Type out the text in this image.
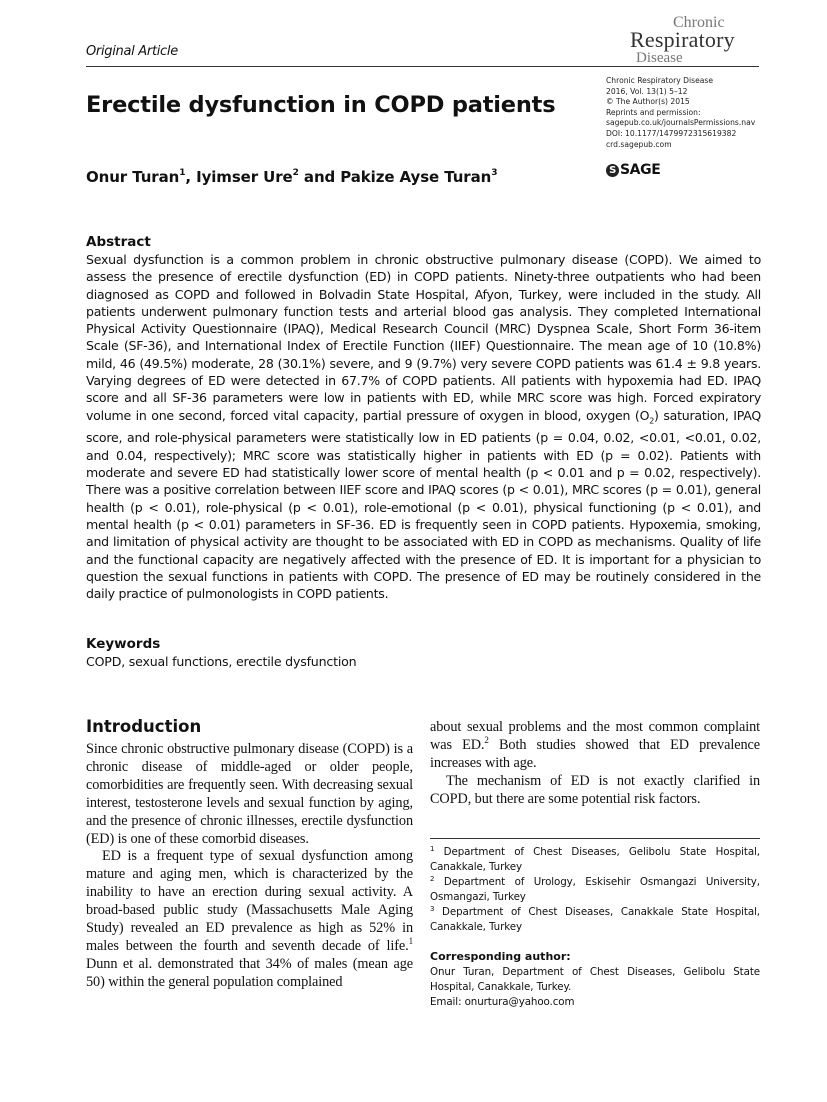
Original Article
Chronic
Respiratory
Disease
Erectile dysfunction in COPD patients
Onur Turan$^1$, Iyimser Ure$^2$ and Pakize Ayse Turan$^3$
Chronic Respiratory Disease
2016, Vol. 13(1) 5–12
© The Author(s) 2015
Reprints and permission:
sagepub.co.uk/journalsPermissions.nav
DOI: 10.1177/1479972315619382
crd.sagepub.com
S SAGE
Abstract
Sexual dysfunction is a common problem in chronic obstructive pulmonary disease (COPD). We aimed to assess the presence of erectile dysfunction (ED) in COPD patients. Ninety-three outpatients who had been diagnosed as COPD and followed in Bolvadin State Hospital, Afyon, Turkey, were included in the study. All patients underwent pulmonary function tests and arterial blood gas analysis. They completed International Physical Activity Questionnaire (IPAQ), Medical Research Council (MRC) Dyspnea Scale, Short Form 36-item Scale (SF-36), and International Index of Erectile Function (IIEF) Questionnaire. The mean age of 10 (10.8%) mild, 46 (49.5%) moderate, 28 (30.1%) severe, and 9 (9.7%) very severe COPD patients was 61.4 ± 9.8 years. Varying degrees of ED were detected in 67.7% of COPD patients. All patients with hypoxemia had ED. IPAQ score and all SF-36 parameters were low in patients with ED, while MRC score was high. Forced expiratory volume in one second, forced vital capacity, partial pressure of oxygen in blood, oxygen $(O_2)$ saturation, IPAQ score, and role-physical parameters were statistically low in ED patients (p = 0.04, 0.02, <0.01, <0.01, 0.02, and 0.04, respectively); MRC score was statistically higher in patients with ED (p = 0.02). Patients with moderate and severe ED had statistically lower score of mental health (p < 0.01 and p = 0.02, respectively). There was a positive correlation between IIEF score and IPAQ scores (p < 0.01), MRC scores (p = 0.01), general health (p < 0.01), role-physical (p < 0.01), role-emotional (p < 0.01), physical functioning (p < 0.01), and mental health (p < 0.01) parameters in SF-36. ED is frequently seen in COPD patients. Hypoxemia, smoking, and limitation of physical activity are thought to be associated with ED in COPD as mechanisms. Quality of life and the functional capacity are negatively affected with the presence of ED. It is important for a physician to question the sexual functions in patients with COPD. The presence of ED may be routinely considered in the daily practice of pulmonologists in COPD patients.
Keywords
COPD, sexual functions, erectile dysfunction
Introduction

Since chronic obstructive pulmonary disease (COPD) is a chronic disease of middle-aged or older people, comorbidities are frequently seen. With decreasing sexual interest, testosterone levels and sexual function by aging, and the presence of chronic illnesses, erectile dysfunction (ED) is one of these comorbid diseases.

ED is a frequent type of sexual dysfunction among mature and aging men, which is characterized by the inability to have an erection during sexual activity. A broad-based public study (Massachusetts Male Aging Study) revealed an ED prevalence as high as 52% in males between the fourth and seventh decade of life.$^1$ Dunn et al. demonstrated that 34% of males (mean age 50) within the general population complained

about sexual problems and the most common complaint was ED.$^2$ Both studies showed that ED prevalence increases with age.

The mechanism of ED is not exactly clarified in COPD, but there are some potential risk factors.

$^1$ Department of Chest Diseases, Gelibolu State Hospital, Canakkale, Turkey
$^2$ Department of Urology, Eskisehir Osmangazi University, Osmangazi, Turkey
$^3$ Department of Chest Diseases, Canakkale State Hospital, Canakkale, Turkey
Corresponding author:
Onur Turan, Department of Chest Diseases, Gelibolu State Hospital, Canakkale, Turkey.
Email: onurtura@yahoo.com
